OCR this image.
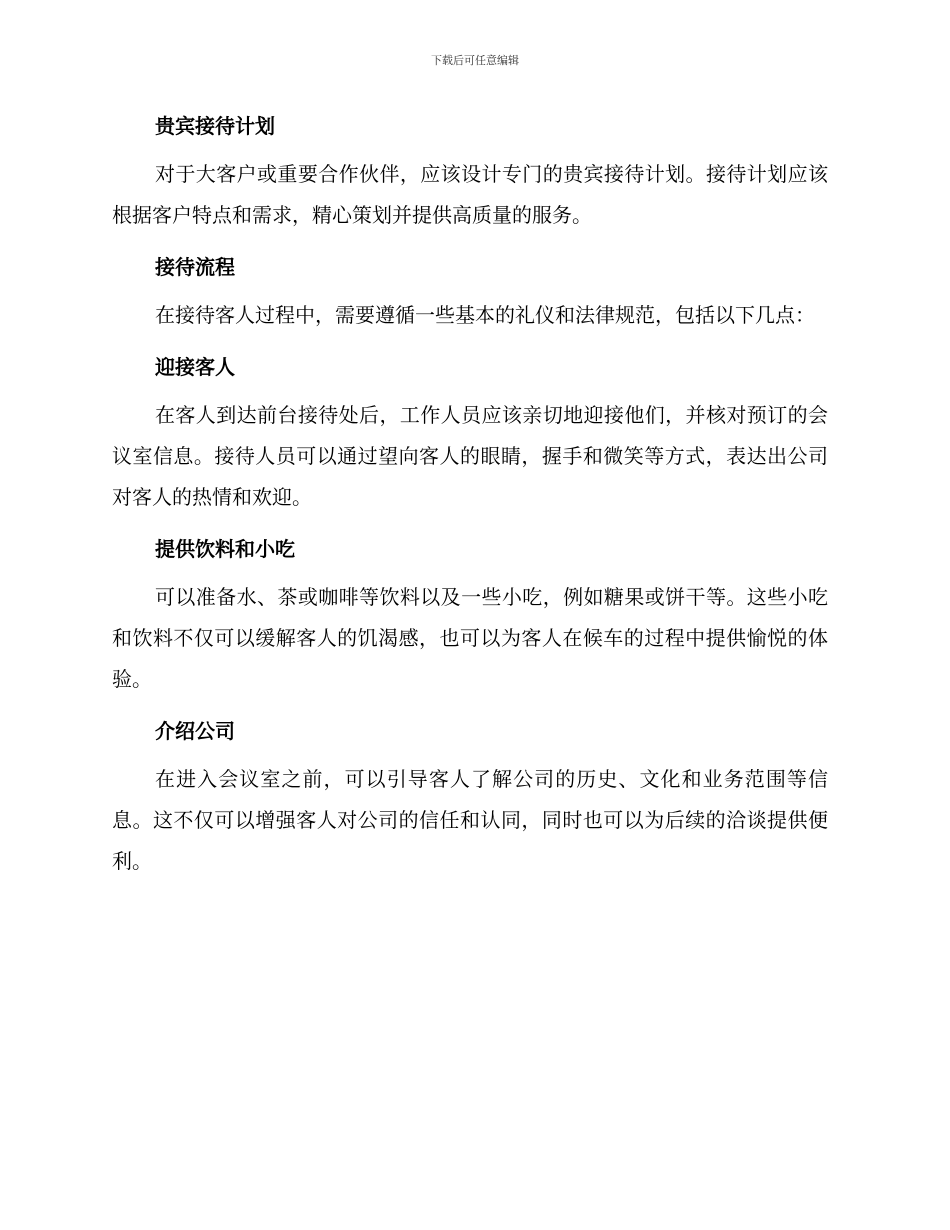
下载后可任意编辑
贵宾接待计划

对于大客户或重要合作伙伴，应该设计专门的贵宾接待计划。接待计划应该根据客户特点和需求，精心策划并提供高质量的服务。

接待流程

在接待客人过程中，需要遵循一些基本的礼仪和法律规范，包括以下几点：

迎接客人

在客人到达前台接待处后，工作人员应该亲切地迎接他们，并核对预订的会议室信息。接待人员可以通过望向客人的眼睛，握手和微笑等方式，表达出公司对客人的热情和欢迎。

提供饮料和小吃

可以准备水、茶或咖啡等饮料以及一些小吃，例如糖果或饼干等。这些小吃和饮料不仅可以缓解客人的饥渴感，也可以为客人在候车的过程中提供愉悦的体验。

介绍公司

在进入会议室之前，可以引导客人了解公司的历史、文化和业务范围等信息。这不仅可以增强客人对公司的信任和认同，同时也可以为后续的洽谈提供便利。
